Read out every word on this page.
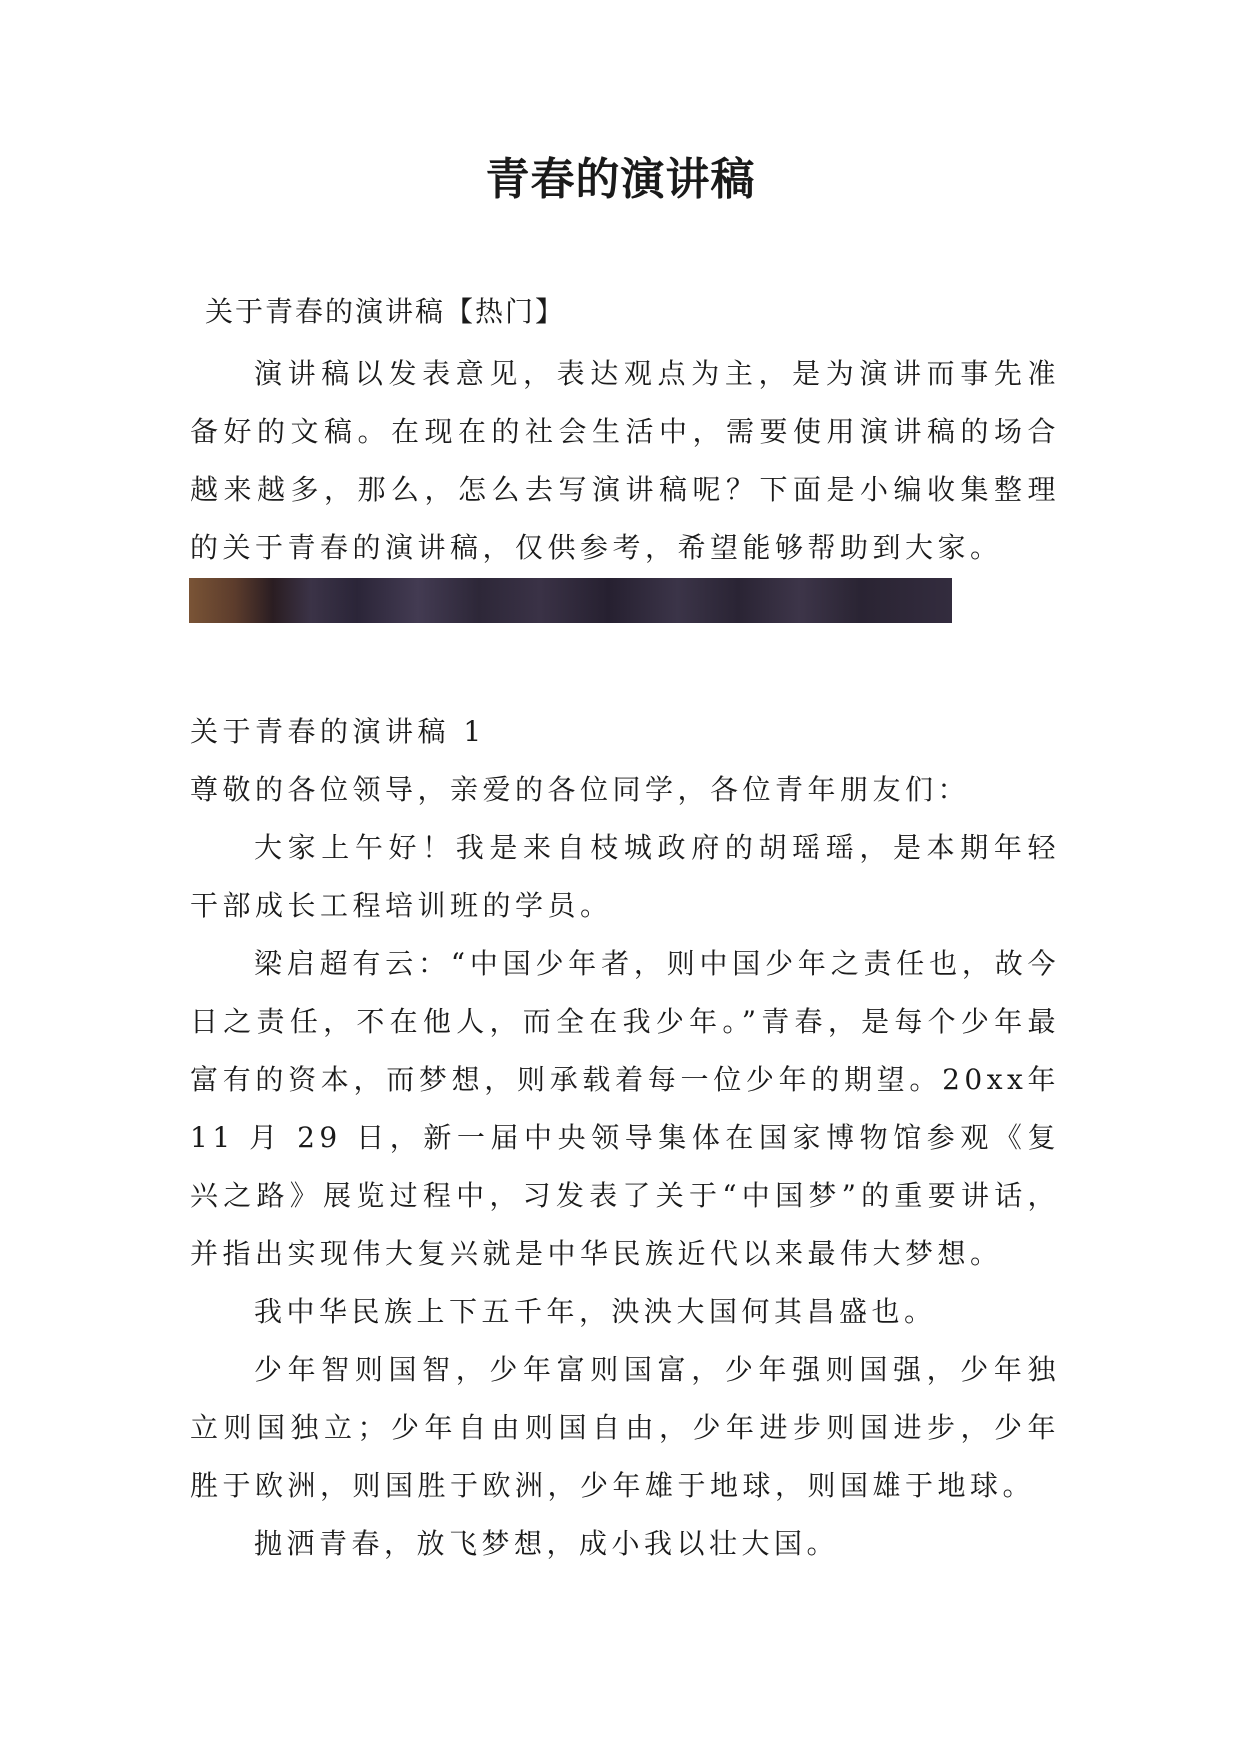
青春的演讲稿
关于青春的演讲稿【热门】

演讲稿以发表意见，表达观点为主，是为演讲而事先准备好的文稿。在现在的社会生活中，需要使用演讲稿的场合越来越多，那么，怎么去写演讲稿呢？下面是小编收集整理的关于青春的演讲稿，仅供参考，希望能够帮助到大家。

关于青春的演讲稿 1

尊敬的各位领导，亲爱的各位同学，各位青年朋友们：

大家上午好！我是来自枝城政府的胡瑶瑶，是本期年轻干部成长工程培训班的学员。

梁启超有云：“中国少年者，则中国少年之责任也，故今日之责任，不在他人，而全在我少年。”青春，是每个少年最富有的资本，而梦想，则承载着每一位少年的期望。20xx年 11 月 29 日，新一届中央领导集体在国家博物馆参观《复兴之路》展览过程中，习发表了关于“中国梦”的重要讲话，并指出实现伟大复兴就是中华民族近代以来最伟大梦想。

我中华民族上下五千年，泱泱大国何其昌盛也。

少年智则国智，少年富则国富，少年强则国强，少年独立则国独立；少年自由则国自由，少年进步则国进步，少年胜于欧洲，则国胜于欧洲，少年雄于地球，则国雄于地球。

抛洒青春，放飞梦想，成小我以壮大国。
